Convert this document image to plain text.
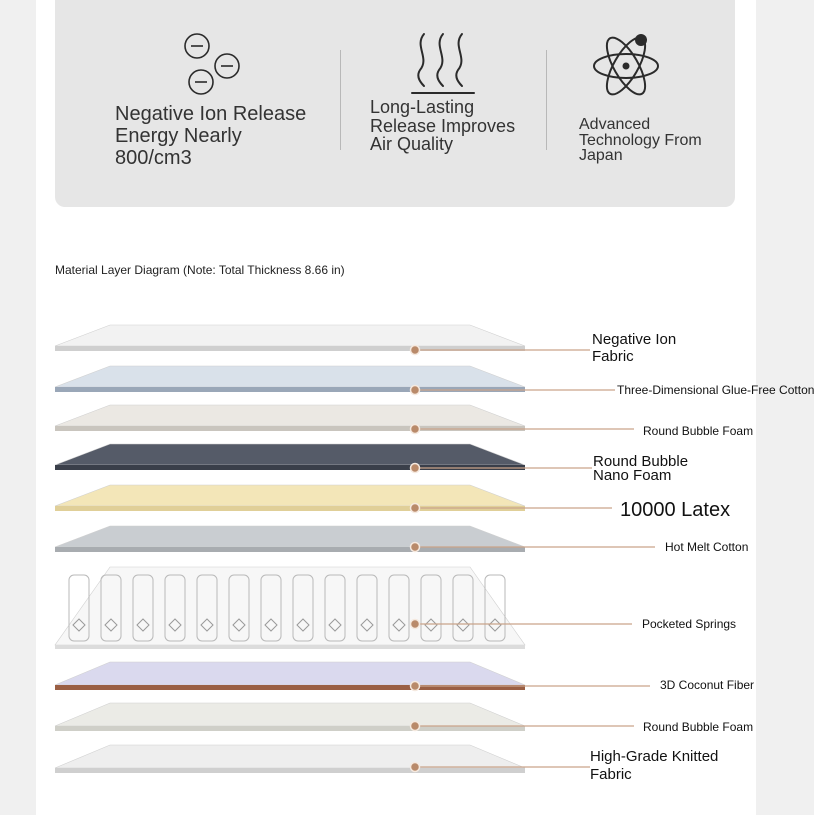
Negative Ion Release Energy Nearly 800/cm3
Long-Lasting Release Improves Air Quality
Advanced Technology From Japan
Material Layer Diagram (Note: Total Thickness 8.66 in)
Negative Ion Fabric
Three-Dimensional Glue-Free Cotton
Round Bubble Foam
Round Bubble Nano Foam
10000 Latex
Hot Melt Cotton
Pocketed Springs
3D Coconut Fiber
Round Bubble Foam
High-Grade Knitted Fabric
